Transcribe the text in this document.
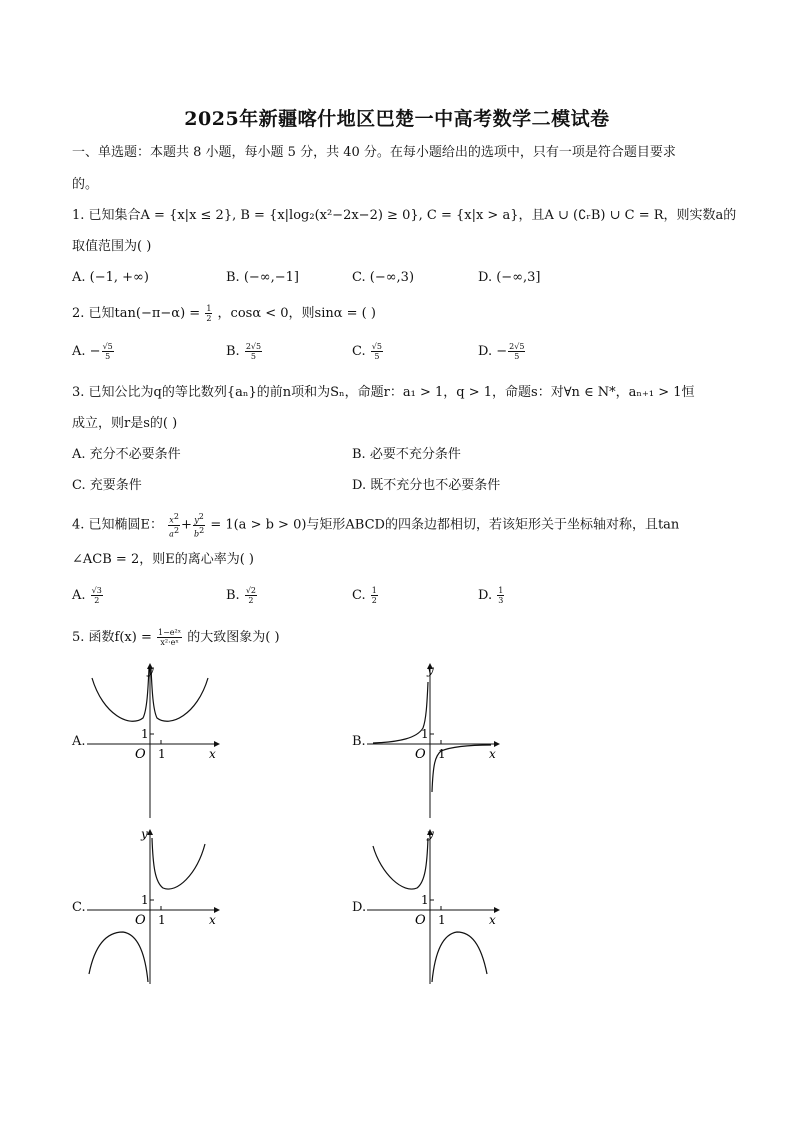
2025年新疆喀什地区巴楚一中高考数学二模试卷
一、单选题：本题共 8 小题，每小题 5 分，共 40 分。在每小题给出的选项中，只有一项是符合题目要求
的。
1. 已知集合A = {x|x ≤ 2}, B = {x|log₂(x²−2x−2) ≥ 0}, C = {x|x > a}，且A ∪ (∁ᵣB) ∪ C = R，则实数a的
取值范围为( )
A. (−1, +∞)	B. (−∞,−1]	C. (−∞,3)	D. (−∞,3]
2. 已知$\tan(-\pi-\alpha) = \frac{1}{2}$ ，cosα < 0，则sinα = ( )
A. − $\frac{√5}{5}$	B. $\frac{2√5}{5}$	C. $\frac{√5}{5}$	D. − $\frac{2√5}{5}$
3. 已知公比为q的等比数列{aₙ}的前n项和为Sₙ，命题r：a₁ > 1，q > 1，命题s：对∀n ∈ N*，aₙ₊₁ > 1恒
成立，则r是s的( )
A. 充分不必要条件	B. 必要不充分条件
C. 充要条件	D. 既不充分也不必要条件
4. 已知椭圆E： $\frac{x^2}{a^2} + \frac{y^2}{b^2} = 1(a > b > 0)$与矩形ABCD的四条边都相切，若该矩形关于坐标轴对称，且tan
∠ACB = 2，则E的离心率为( )
A. $\frac{√3}{2}$	B. $\frac{√2}{2}$	C. $\frac{1}{2}$	D. $\frac{1}{3}$
5. 函数$f(x) = \frac{\text{1−e²ˣ}}{\text{x²·eˣ}}$ 的大致图象为( )
A.
y
x
O 1
1	B.
y
x
O 1
1
C.
y
x
O 1
1	D.
y
x
O 1
1
